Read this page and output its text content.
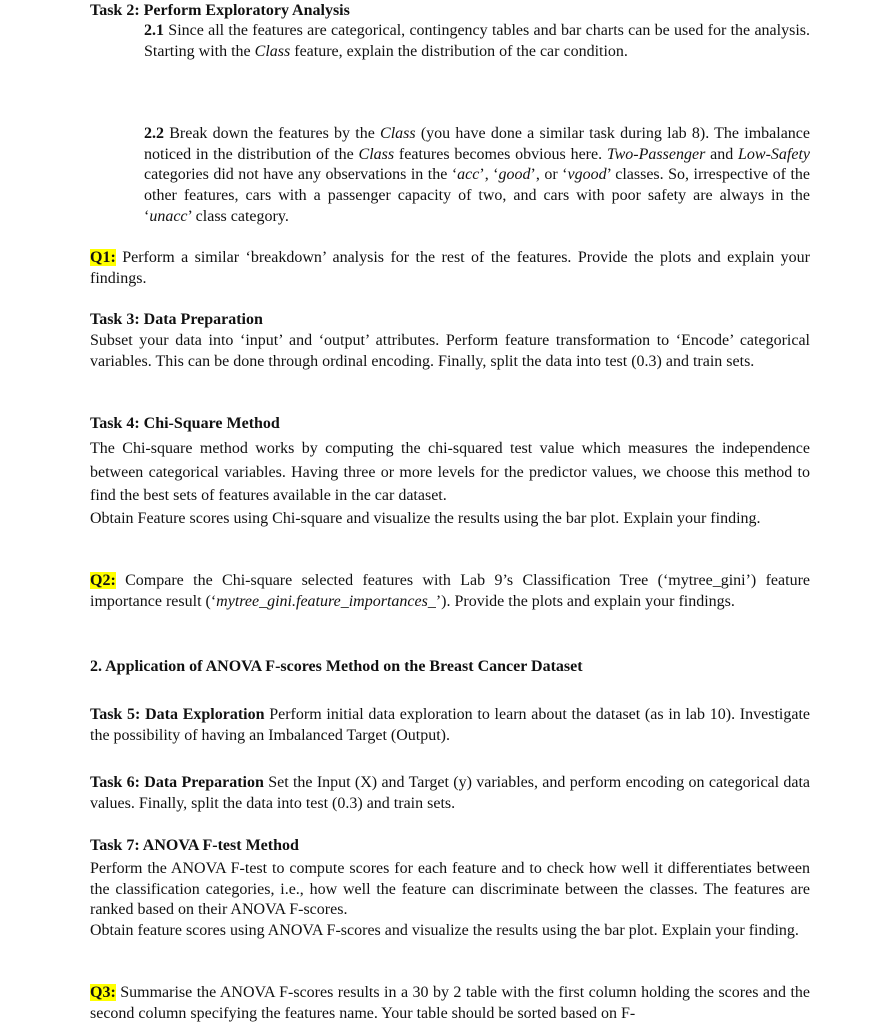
Task 2: Perform Exploratory Analysis

2.1 Since all the features are categorical, contingency tables and bar charts can be used for the analysis. Starting with the Class feature, explain the distribution of the car condition.

2.2 Break down the features by the Class (you have done a similar task during lab 8). The imbalance noticed in the distribution of the Class features becomes obvious here. Two-Passenger and Low-Safety categories did not have any observations in the ‘acc’, ‘good’, or ‘vgood’ classes. So, irrespective of the other features, cars with a passenger capacity of two, and cars with poor safety are always in the ‘unacc’ class category.

Q1: Perform a similar ‘breakdown’ analysis for the rest of the features. Provide the plots and explain your findings.

Task 3: Data Preparation

Subset your data into ‘input’ and ‘output’ attributes. Perform feature transformation to ‘Encode’ categorical variables. This can be done through ordinal encoding. Finally, split the data into test (0.3) and train sets.

Task 4: Chi-Square Method

The Chi-square method works by computing the chi-squared test value which measures the independence between categorical variables. Having three or more levels for the predictor values, we choose this method to find the best sets of features available in the car dataset.

Obtain Feature scores using Chi-square and visualize the results using the bar plot. Explain your finding.

Q2: Compare the Chi-square selected features with Lab 9’s Classification Tree (‘mytree_gini’) feature importance result (‘mytree_gini.feature_importances_’). Provide the plots and explain your findings.

2. Application of ANOVA F-scores Method on the Breast Cancer Dataset

Task 5: Data Exploration Perform initial data exploration to learn about the dataset (as in lab 10). Investigate the possibility of having an Imbalanced Target (Output).

Task 6: Data Preparation Set the Input (X) and Target (y) variables, and perform encoding on categorical data values. Finally, split the data into test (0.3) and train sets.

Task 7: ANOVA F-test Method

Perform the ANOVA F-test to compute scores for each feature and to check how well it differentiates between the classification categories, i.e., how well the feature can discriminate between the classes. The features are ranked based on their ANOVA F-scores.

Obtain feature scores using ANOVA F-scores and visualize the results using the bar plot. Explain your finding.

Q3: Summarise the ANOVA F-scores results in a 30 by 2 table with the first column holding the scores and the second column specifying the features name. Your table should be sorted based on F-
